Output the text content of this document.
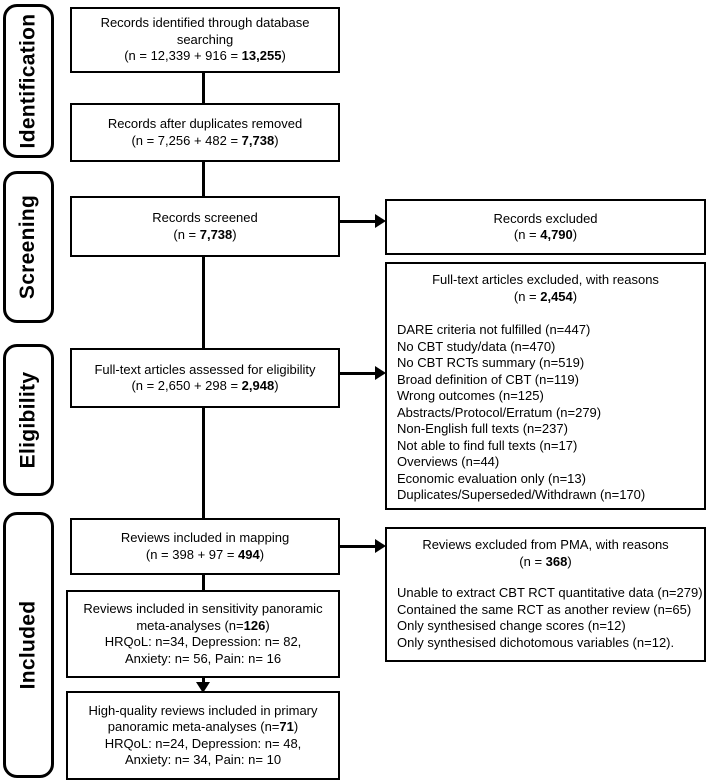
Identification
Screening
Eligibility
Included
Records identified through database
searching
(n = 12,339 + 916 = 13,255)
Records after duplicates removed
(n = 7,256 + 482 = 7,738)
Records screened
(n = 7,738)
Full-text articles assessed for eligibility
(n = 2,650 + 298 = 2,948)
Reviews included in mapping
(n = 398 + 97 = 494)
Reviews included in sensitivity panoramic
meta-analyses (n=126)
HRQoL: n=34, Depression: n= 82,
Anxiety: n= 56, Pain: n= 16
High-quality reviews included in primary
panoramic meta-analyses (n=71)
HRQoL: n=24, Depression: n= 48,
Anxiety: n= 34, Pain: n= 10
Records excluded
(n = 4,790)
Full-text articles excluded, with reasons
(n = 2,454)
DARE criteria not fulfilled (n=447)
No CBT study/data (n=470)
No CBT RCTs summary (n=519)
Broad definition of CBT (n=119)
Wrong outcomes (n=125)
Abstracts/Protocol/Erratum (n=279)
Non-English full texts (n=237)
Not able to find full texts (n=17)
Overviews (n=44)
Economic evaluation only (n=13)
Duplicates/Superseded/Withdrawn (n=170)
Reviews excluded from PMA, with reasons
(n = 368)
Unable to extract CBT RCT quantitative data (n=279)
Contained the same RCT as another review (n=65)
Only synthesised change scores (n=12)
Only synthesised dichotomous variables (n=12).
